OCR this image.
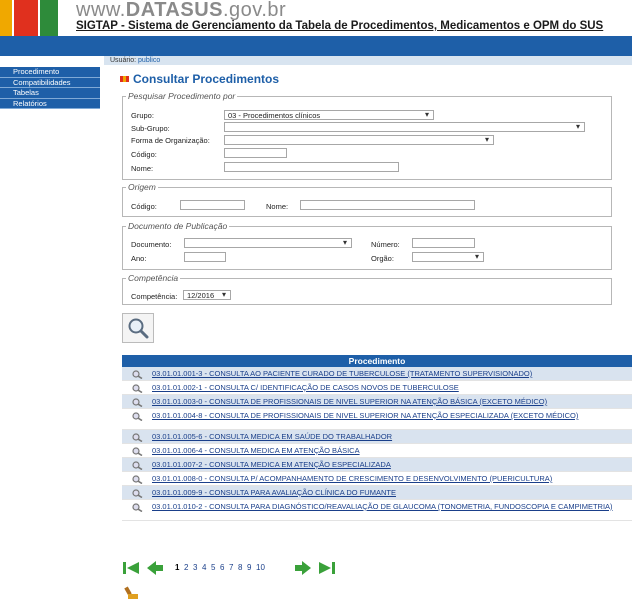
www.DATASUS.gov.br
SIGTAP - Sistema de Gerenciamento da Tabela de Procedimentos, Medicamentos e OPM do SUS
Usuário: publico
Procedimento
Compatibilidades
Tabelas
Relatórios
Consultar Procedimentos
Pesquisar Procedimento por
Grupo:	03 - Procedimentos clínicos ▾
Sub-Grupo:
▾
Forma de Organização:
▾
Código:
Nome:
Origem
Código:	Nome:
Documento de Publicação
Documento: ▾	Número:
Ano:	Orgão:
▾
Competência
Competência:	12/2016 ▾
Procedimento
03.01.01.001-3 - CONSULTA AO PACIENTE CURADO DE TUBERCULOSE (TRATAMENTO SUPERVISIONADO)
03.01.01.002-1 - CONSULTA C/ IDENTIFICAÇÃO DE CASOS NOVOS DE TUBERCULOSE
03.01.01.003-0 - CONSULTA DE PROFISSIONAIS DE NIVEL SUPERIOR NA ATENÇÃO BÁSICA (EXCETO MÉDICO)
03.01.01.004-8 - CONSULTA DE PROFISSIONAIS DE NIVEL SUPERIOR NA ATENÇÃO ESPECIALIZADA (EXCETO MÉDICO)
03.01.01.005-6 - CONSULTA MEDICA EM SAÚDE DO TRABALHADOR
03.01.01.006-4 - CONSULTA MEDICA EM ATENÇÃO BÁSICA
03.01.01.007-2 - CONSULTA MEDICA EM ATENÇÃO ESPECIALIZADA
03.01.01.008-0 - CONSULTA P/ ACOMPANHAMENTO DE CRESCIMENTO E DESENVOLVIMENTO (PUERICULTURA)
03.01.01.009-9 - CONSULTA PARA AVALIAÇÃO CLÍNICA DO FUMANTE
03.01.01.010-2 - CONSULTA PARA DIAGNÓSTICO/REAVALIAÇÃO DE GLAUCOMA (TONOMETRIA, FUNDOSCOPIA E CAMPIMETRIA)
1 2 3 4 5 6 7 8 9 10
